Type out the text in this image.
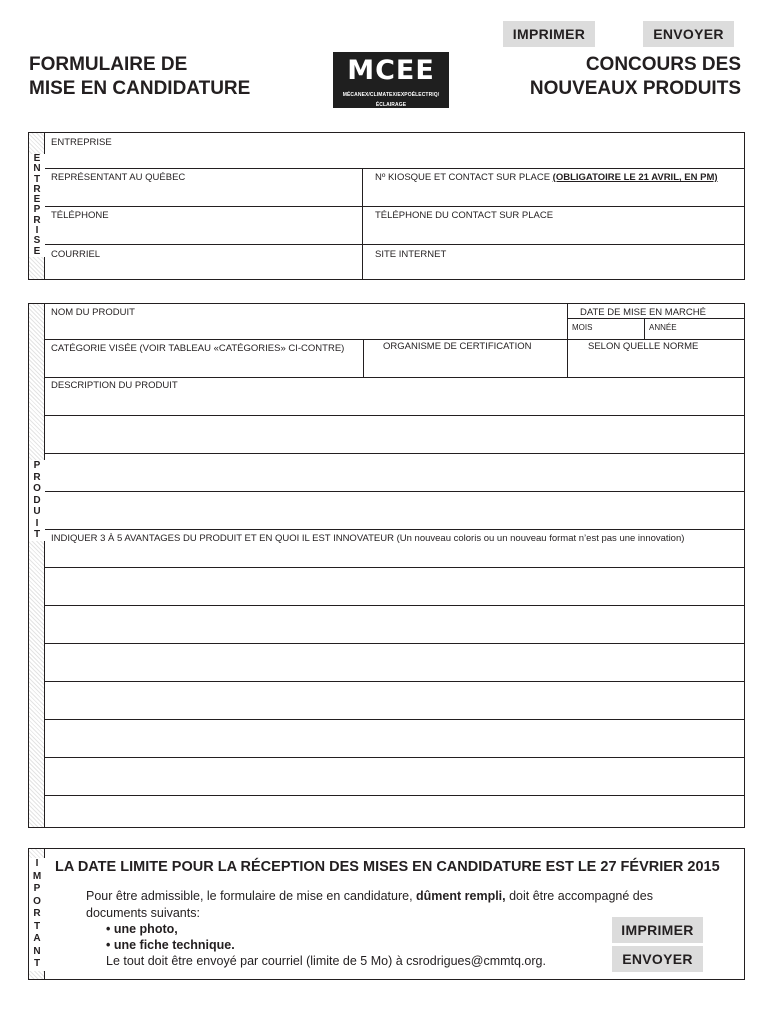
IMPRIMER	ENVOYER
FORMULAIRE DE
MISE EN CANDIDATURE
CONCOURS DES
NOUVEAUX PRODUITS
MCEE
MÉCANEX/CLIMATEX/EXPOÉLECTRIQ/ÉCLAIRAGE
E
N
T
R
E
P
R
I
S
E
ENTREPRISE
REPRÉSENTANT AU QUÉBEC	Nº KIOSQUE ET CONTACT SUR PLACE (OBLIGATOIRE LE 21 AVRIL, EN PM)
TÉLÉPHONE	TÉLÉPHONE DU CONTACT SUR PLACE
COURRIEL	SITE INTERNET
P
R
O
D
U
I
T
NOM DU PRODUIT	DATE DE MISE EN MARCHÉ
MOIS	ANNÉE
CATÉGORIE VISÉE (VOIR TABLEAU «CATÉGORIES» CI-CONTRE)	ORGANISME DE CERTIFICATION	SELON QUELLE NORME
DESCRIPTION DU PRODUIT
INDIQUER 3 À 5 AVANTAGES DU PRODUIT ET EN QUOI IL EST INNOVATEUR (Un nouveau coloris ou un nouveau format n’est pas une innovation)
I
M
P
O
R
T
A
N
T
LA DATE LIMITE POUR LA RÉCEPTION DES MISES EN CANDIDATURE EST LE 27 FÉVRIER 2015
Pour être admissible, le formulaire de mise en candidature, dûment rempli, doit être accompagné des
documents suivants:
• une photo,
• une fiche technique.
Le tout doit être envoyé par courriel (limite de 5 Mo) à csrodrigues@cmmtq.org.
IMPRIMER
ENVOYER
